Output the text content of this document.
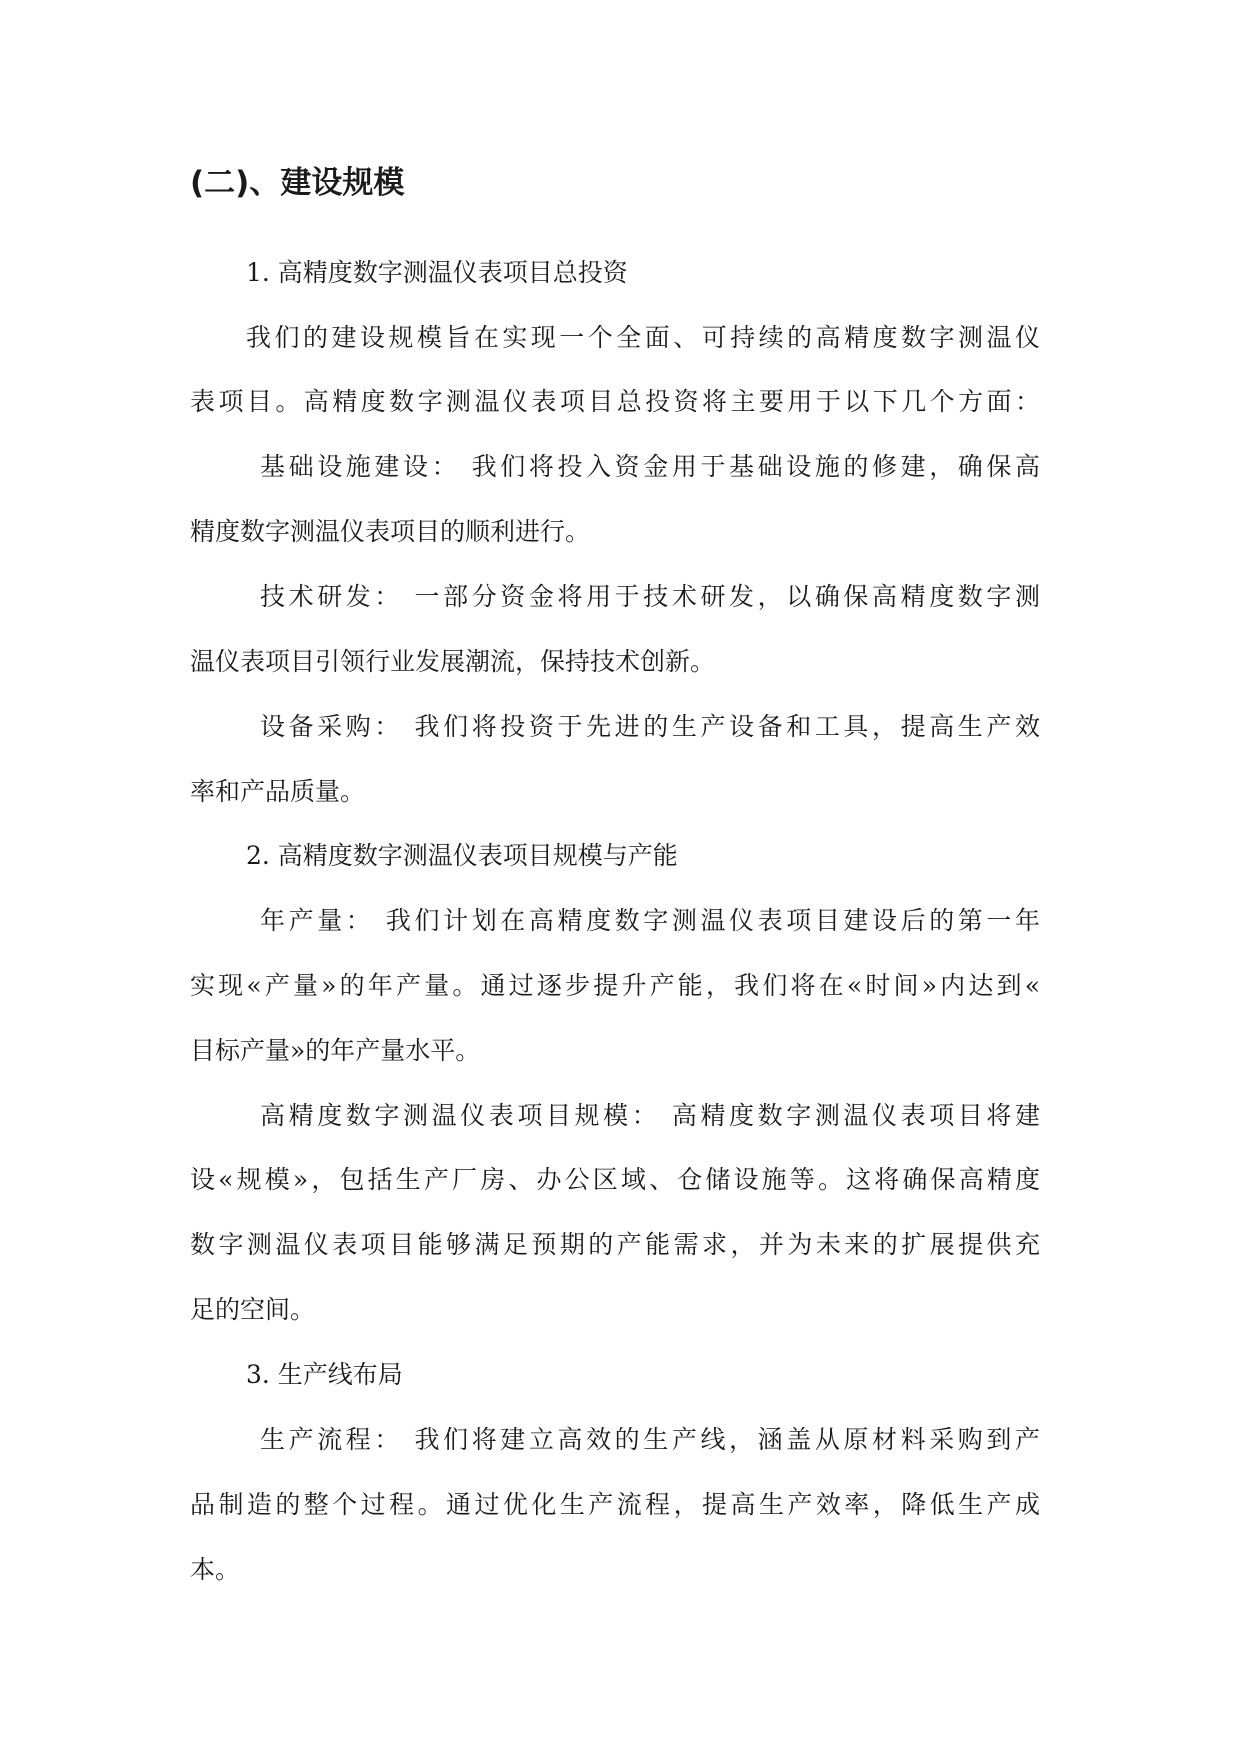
(二)、建设规模

1. 高精度数字测温仪表项目总投资

我们的建设规模旨在实现一个全面、可持续的高精度数字测温仪

表项目。高精度数字测温仪表项目总投资将主要用于以下几个方面：

基础设施建设： 我们将投入资金用于基础设施的修建，确保高

精度数字测温仪表项目的顺利进行。

技术研发： 一部分资金将用于技术研发，以确保高精度数字测

温仪表项目引领行业发展潮流，保持技术创新。

设备采购： 我们将投资于先进的生产设备和工具，提高生产效

率和产品质量。

2. 高精度数字测温仪表项目规模与产能

年产量： 我们计划在高精度数字测温仪表项目建设后的第一年

实现«产量»的年产量。通过逐步提升产能，我们将在«时间»内达到«

目标产量»的年产量水平。

高精度数字测温仪表项目规模： 高精度数字测温仪表项目将建

设«规模»，包括生产厂房、办公区域、仓储设施等。这将确保高精度

数字测温仪表项目能够满足预期的产能需求，并为未来的扩展提供充

足的空间。

3. 生产线布局

生产流程： 我们将建立高效的生产线，涵盖从原材料采购到产

品制造的整个过程。通过优化生产流程，提高生产效率，降低生产成

本。
